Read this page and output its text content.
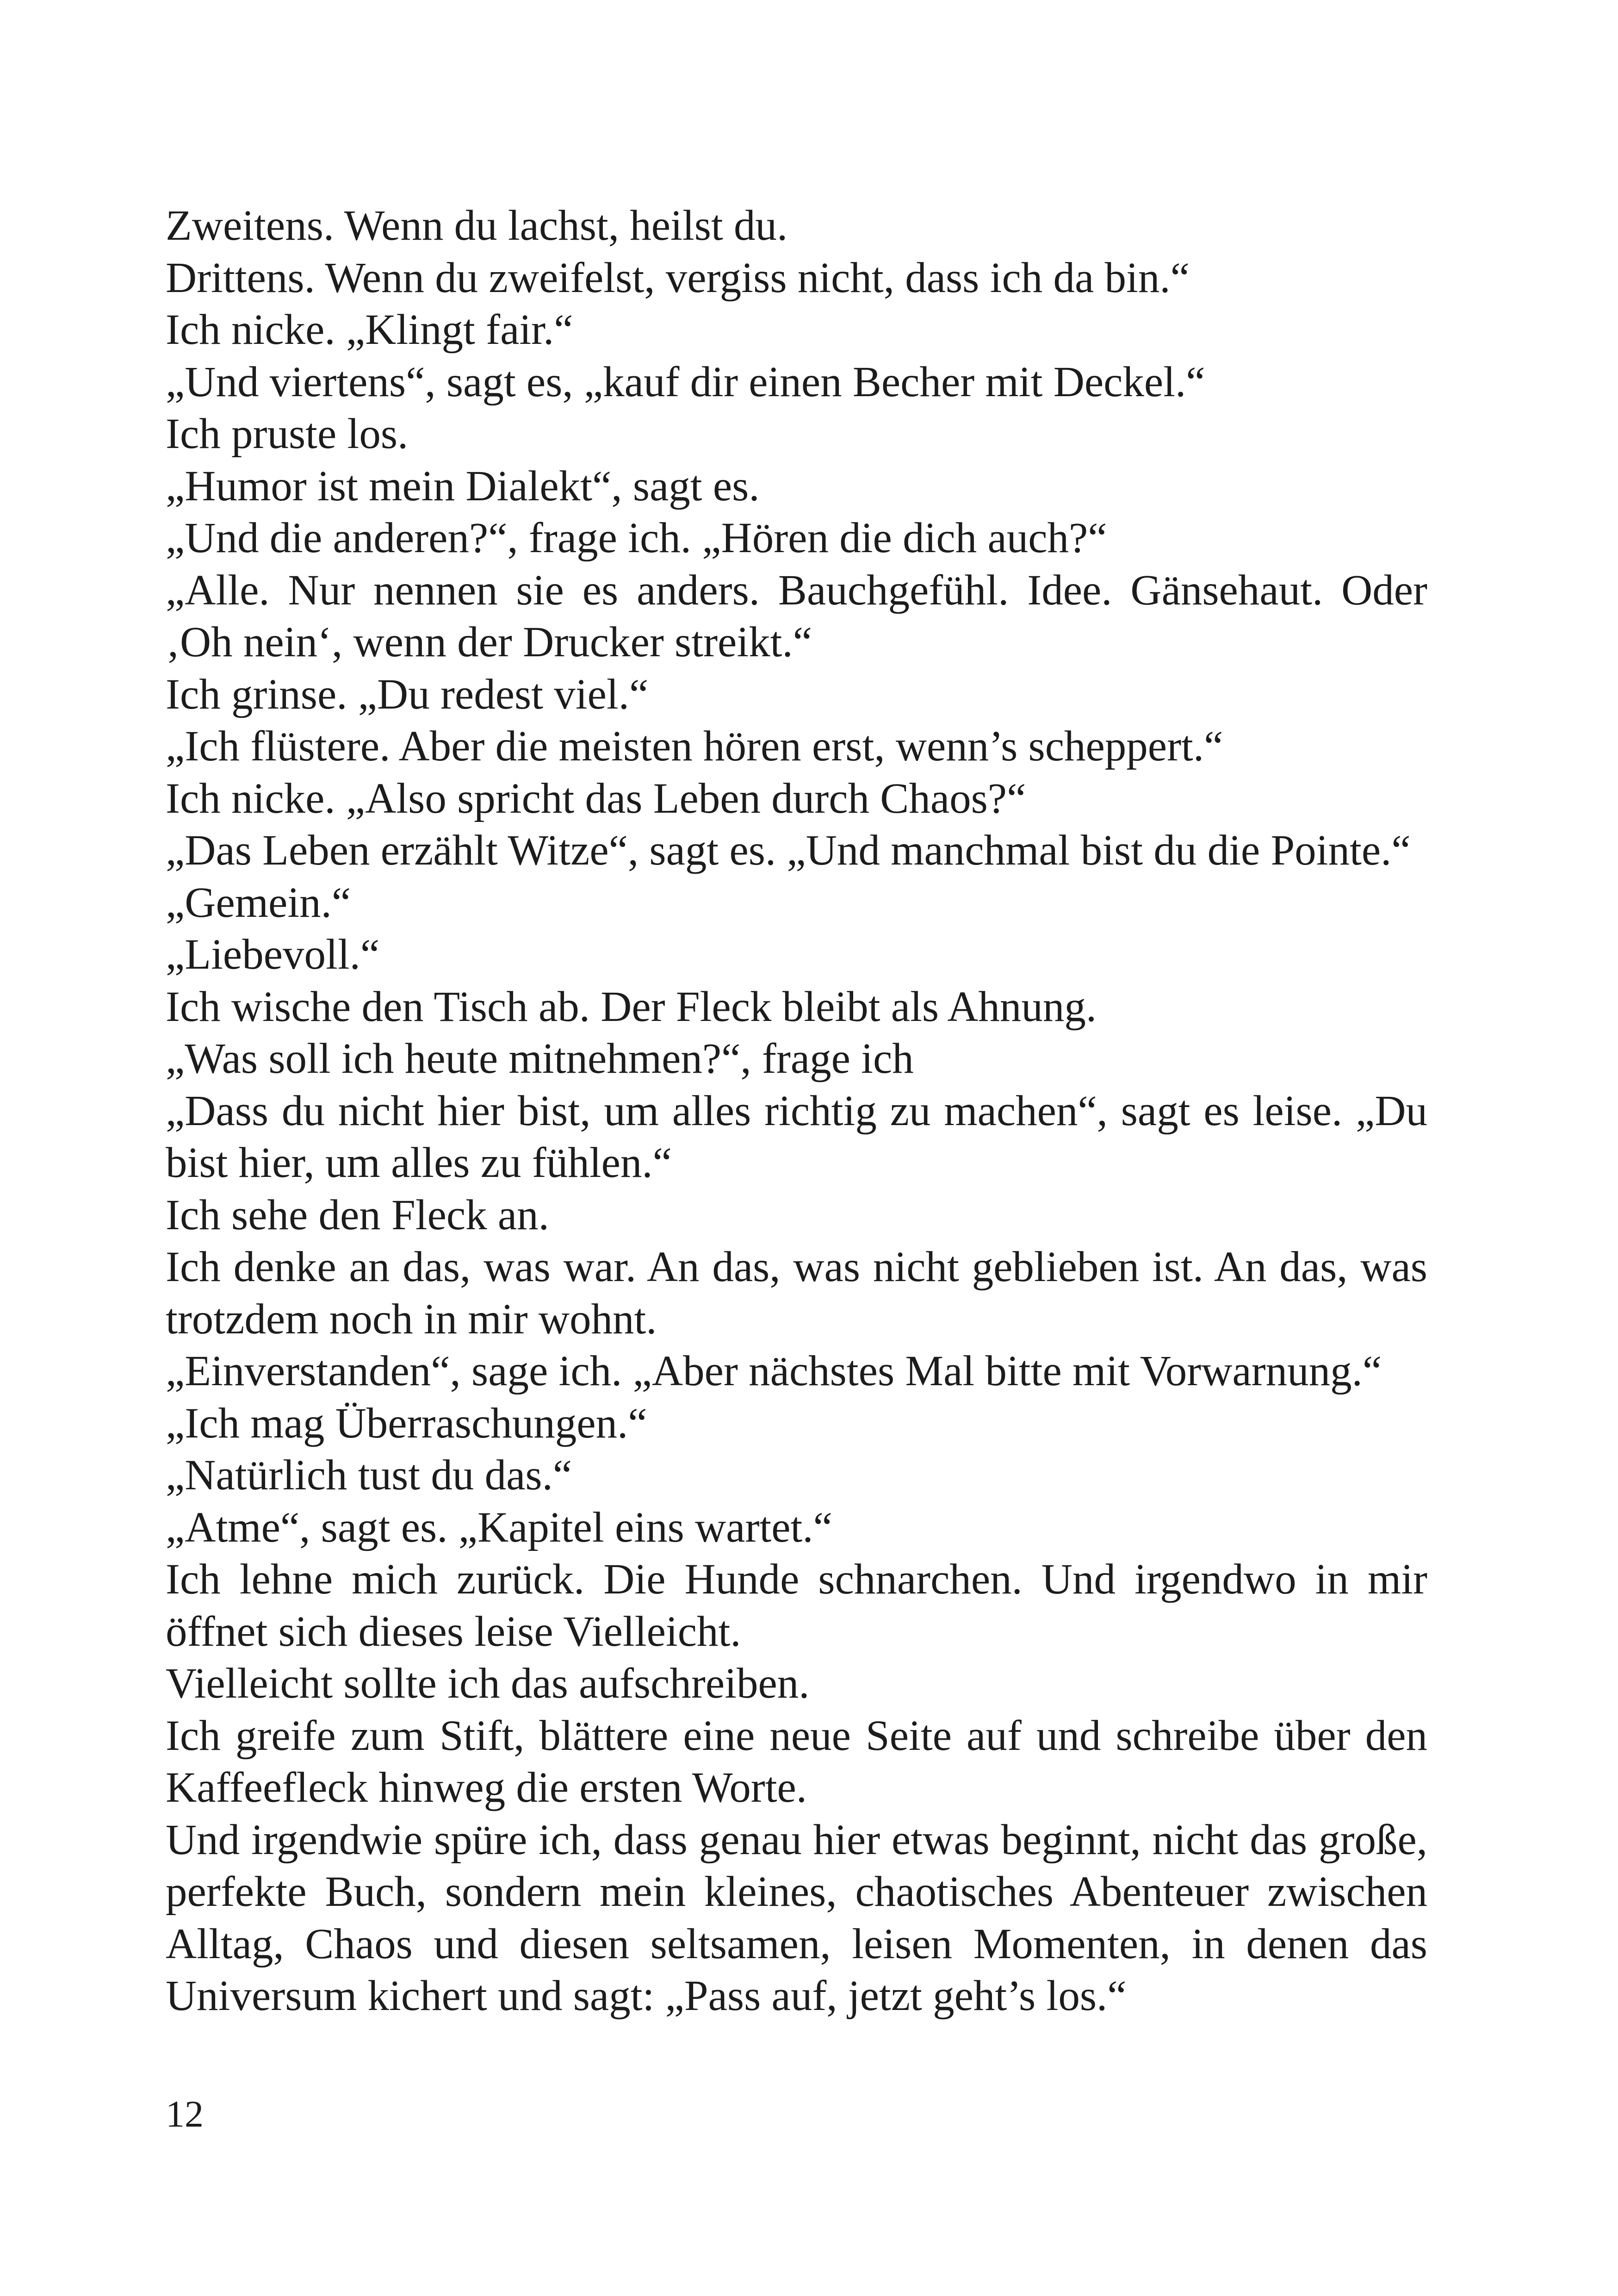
Zweitens. Wenn du lachst, heilst du.

Drittens. Wenn du zweifelst, vergiss nicht, dass ich da bin.“

Ich nicke. „Klingt fair.“

„Und viertens“, sagt es, „kauf dir einen Becher mit Deckel.“

Ich pruste los.

„Humor ist mein Dialekt“, sagt es.

„Und die anderen?“, frage ich. „Hören die dich auch?“

„Alle. Nur nennen sie es anders. Bauchgefühl. Idee. Gänsehaut. Oder ‚Oh nein‘, wenn der Drucker streikt.“

Ich grinse. „Du redest viel.“

„Ich flüstere. Aber die meisten hören erst, wenn’s scheppert.“

Ich nicke. „Also spricht das Leben durch Chaos?“

„Das Leben erzählt Witze“, sagt es. „Und manchmal bist du die Pointe.“

„Gemein.“

„Liebevoll.“

Ich wische den Tisch ab. Der Fleck bleibt als Ahnung.

„Was soll ich heute mitnehmen?“, frage ich

„Dass du nicht hier bist, um alles richtig zu machen“, sagt es leise. „Du bist hier, um alles zu fühlen.“

Ich sehe den Fleck an.

Ich denke an das, was war. An das, was nicht geblieben ist. An das, was trotzdem noch in mir wohnt.

„Einverstanden“, sage ich. „Aber nächstes Mal bitte mit Vorwarnung.“

„Ich mag Überraschungen.“

„Natürlich tust du das.“

„Atme“, sagt es. „Kapitel eins wartet.“

Ich lehne mich zurück. Die Hunde schnarchen. Und irgendwo in mir öffnet sich dieses leise Vielleicht.

Vielleicht sollte ich das aufschreiben.

Ich greife zum Stift, blättere eine neue Seite auf und schreibe über den Kaffeefleck hinweg die ersten Worte.

Und irgendwie spüre ich, dass genau hier etwas beginnt, nicht das große, perfekte Buch, sondern mein kleines, chaotisches Abenteuer zwischen Alltag, Chaos und diesen seltsamen, leisen Momenten, in denen das Universum kichert und sagt: „Pass auf, jetzt geht’s los.“

12
